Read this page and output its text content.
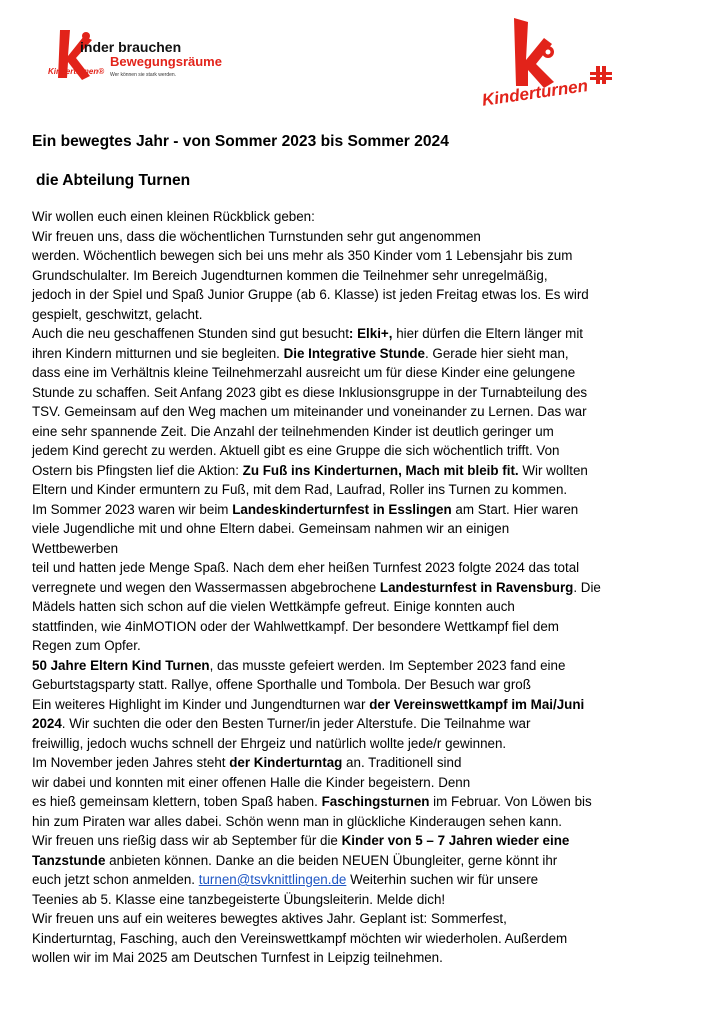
inder brauchen
Bewegungsräume
Wer können sie stark werden.
Kinderturnen®
Kinderturnen
Ein bewegtes Jahr - von Sommer 2023 bis Sommer 2024
die Abteilung Turnen
Wir wollen euch einen kleinen Rückblick geben:
Wir freuen uns, dass die wöchentlichen Turnstunden sehr gut angenommen
werden. Wöchentlich bewegen sich bei uns mehr als 350 Kinder vom 1 Lebensjahr bis zum
Grundschulalter. Im Bereich Jugendturnen kommen die Teilnehmer sehr unregelmäßig,
jedoch in der Spiel und Spaß Junior Gruppe (ab 6. Klasse) ist jeden Freitag etwas los. Es wird
gespielt, geschwitzt, gelacht.
Auch die neu geschaffenen Stunden sind gut besucht: Elki+, hier dürfen die Eltern länger mit
ihren Kindern mitturnen und sie begleiten. Die Integrative Stunde. Gerade hier sieht man,
dass eine im Verhältnis kleine Teilnehmerzahl ausreicht um für diese Kinder eine gelungene
Stunde zu schaffen. Seit Anfang 2023 gibt es diese Inklusionsgruppe in der Turnabteilung des
TSV. Gemeinsam auf den Weg machen um miteinander und voneinander zu Lernen. Das war
eine sehr spannende Zeit. Die Anzahl der teilnehmenden Kinder ist deutlich geringer um
jedem Kind gerecht zu werden. Aktuell gibt es eine Gruppe die sich wöchentlich trifft. Von
Ostern bis Pfingsten lief die Aktion: Zu Fuß ins Kinderturnen, Mach mit bleib fit. Wir wollten
Eltern und Kinder ermuntern zu Fuß, mit dem Rad, Laufrad, Roller ins Turnen zu kommen.
Im Sommer 2023 waren wir beim Landeskinderturnfest in Esslingen am Start. Hier waren
viele Jugendliche mit und ohne Eltern dabei. Gemeinsam nahmen wir an einigen
Wettbewerben
teil und hatten jede Menge Spaß. Nach dem eher heißen Turnfest 2023 folgte 2024 das total
verregnete und wegen den Wassermassen abgebrochene Landesturnfest in Ravensburg. Die
Mädels hatten sich schon auf die vielen Wettkämpfe gefreut. Einige konnten auch
stattfinden, wie 4inMOTION oder der Wahlwettkampf. Der besondere Wettkampf fiel dem
Regen zum Opfer.
50 Jahre Eltern Kind Turnen, das musste gefeiert werden. Im September 2023 fand eine
Geburtstagsparty statt. Rallye, offene Sporthalle und Tombola. Der Besuch war groß
Ein weiteres Highlight im Kinder und Jungendturnen war der Vereinswettkampf im Mai/Juni
2024. Wir suchten die oder den Besten Turner/in jeder Alterstufe. Die Teilnahme war
freiwillig, jedoch wuchs schnell der Ehrgeiz und natürlich wollte jede/r gewinnen.
Im November jeden Jahres steht der Kinderturntag an. Traditionell sind
wir dabei und konnten mit einer offenen Halle die Kinder begeistern. Denn
es hieß gemeinsam klettern, toben Spaß haben. Faschingsturnen im Februar. Von Löwen bis
hin zum Piraten war alles dabei. Schön wenn man in glückliche Kinderaugen sehen kann.
Wir freuen uns rießig dass wir ab September für die Kinder von 5 – 7 Jahren wieder eine
Tanzstunde anbieten können. Danke an die beiden NEUEN Übungleiter, gerne könnt ihr
euch jetzt schon anmelden. turnen@tsvknittlingen.de Weiterhin suchen wir für unsere
Teenies ab 5. Klasse eine tanzbegeisterte Übungsleiterin. Melde dich!
Wir freuen uns auf ein weiteres bewegtes aktives Jahr. Geplant ist: Sommerfest,
Kinderturntag, Fasching, auch den Vereinswettkampf möchten wir wiederholen. Außerdem
wollen wir im Mai 2025 am Deutschen Turnfest in Leipzig teilnehmen.
